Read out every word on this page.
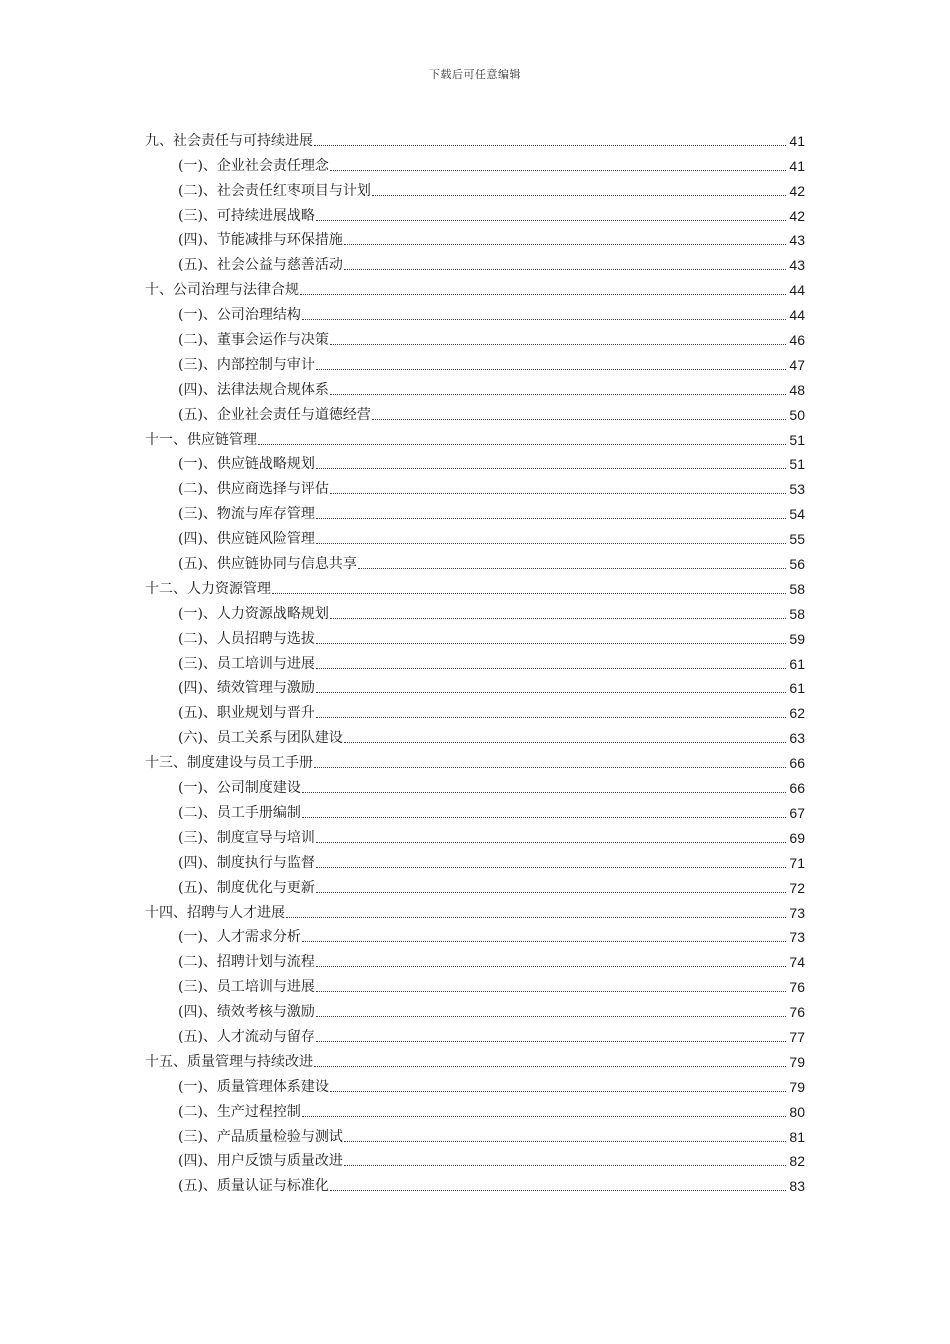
下载后可任意编辑
九、社会责任与可持续进展	41
(一)、企业社会责任理念	41
(二)、社会责任红枣项目与计划	42
(三)、可持续进展战略	42
(四)、节能减排与环保措施	43
(五)、社会公益与慈善活动	43
十、公司治理与法律合规	44
(一)、公司治理结构	44
(二)、董事会运作与决策	46
(三)、内部控制与审计	47
(四)、法律法规合规体系	48
(五)、企业社会责任与道德经营	50
十一、供应链管理	51
(一)、供应链战略规划	51
(二)、供应商选择与评估	53
(三)、物流与库存管理	54
(四)、供应链风险管理	55
(五)、供应链协同与信息共享	56
十二、人力资源管理	58
(一)、人力资源战略规划	58
(二)、人员招聘与选拔	59
(三)、员工培训与进展	61
(四)、绩效管理与激励	61
(五)、职业规划与晋升	62
(六)、员工关系与团队建设	63
十三、制度建设与员工手册	66
(一)、公司制度建设	66
(二)、员工手册编制	67
(三)、制度宣导与培训	69
(四)、制度执行与监督	71
(五)、制度优化与更新	72
十四、招聘与人才进展	73
(一)、人才需求分析	73
(二)、招聘计划与流程	74
(三)、员工培训与进展	76
(四)、绩效考核与激励	76
(五)、人才流动与留存	77
十五、质量管理与持续改进	79
(一)、质量管理体系建设	79
(二)、生产过程控制	80
(三)、产品质量检验与测试	81
(四)、用户反馈与质量改进	82
(五)、质量认证与标准化	83
